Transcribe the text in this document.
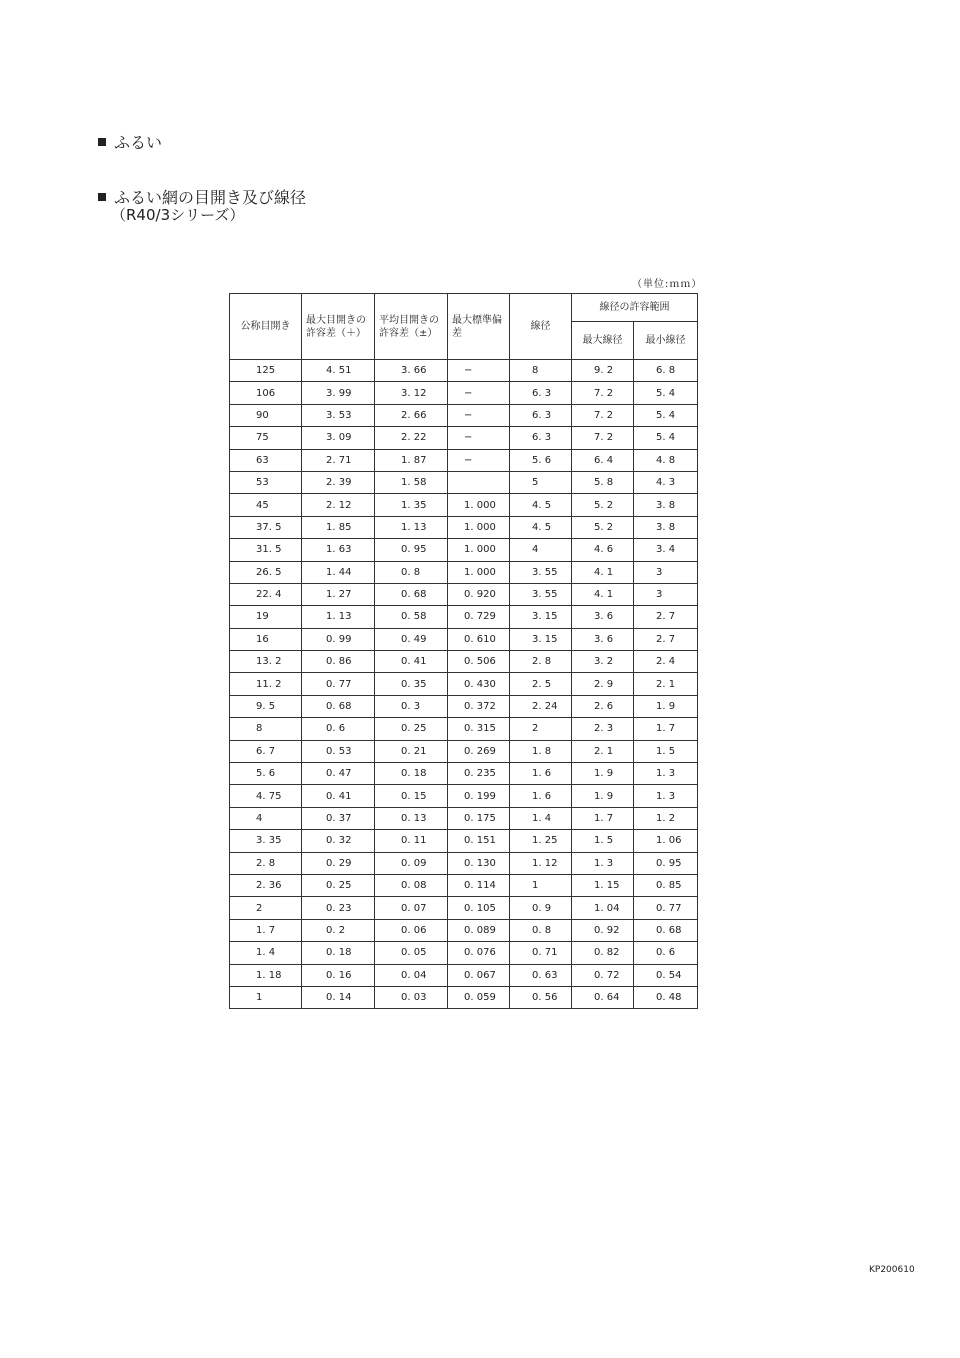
ふるい
ふるい網の目開き及び線径
（R40/3シリーズ）
（単位:ｍｍ）
公称目開き	最大目開きの許容差（＋）	平均目開きの許容差（±）	最大標準偏差	線径	線径の許容範囲	
					最大線径	最小線径
125	4. 51	3. 66	−	8	9. 2	6. 8
106	3. 99	3. 12	−	6. 3	7. 2	5. 4
90	3. 53	2. 66	−	6. 3	7. 2	5. 4
75	3. 09	2. 22	−	6. 3	7. 2	5. 4
63	2. 71	1. 87	−	5. 6	6. 4	4. 8
53	2. 39	1. 58		5	5. 8	4. 3
45	2. 12	1. 35	1. 000	4. 5	5. 2	3. 8
37. 5	1. 85	1. 13	1. 000	4. 5	5. 2	3. 8
31. 5	1. 63	0. 95	1. 000	4	4. 6	3. 4
26. 5	1. 44	0. 8	1. 000	3. 55	4. 1	3
22. 4	1. 27	0. 68	0. 920	3. 55	4. 1	3
19	1. 13	0. 58	0. 729	3. 15	3. 6	2. 7
16	0. 99	0. 49	0. 610	3. 15	3. 6	2. 7
13. 2	0. 86	0. 41	0. 506	2. 8	3. 2	2. 4
11. 2	0. 77	0. 35	0. 430	2. 5	2. 9	2. 1
9. 5	0. 68	0. 3	0. 372	2. 24	2. 6	1. 9
8	0. 6	0. 25	0. 315	2	2. 3	1. 7
6. 7	0. 53	0. 21	0. 269	1. 8	2. 1	1. 5
5. 6	0. 47	0. 18	0. 235	1. 6	1. 9	1. 3
4. 75	0. 41	0. 15	0. 199	1. 6	1. 9	1. 3
4	0. 37	0. 13	0. 175	1. 4	1. 7	1. 2
3. 35	0. 32	0. 11	0. 151	1. 25	1. 5	1. 06
2. 8	0. 29	0. 09	0. 130	1. 12	1. 3	0. 95
2. 36	0. 25	0. 08	0. 114	1	1. 15	0. 85
2	0. 23	0. 07	0. 105	0. 9	1. 04	0. 77
1. 7	0. 2	0. 06	0. 089	0. 8	0. 92	0. 68
1. 4	0. 18	0. 05	0. 076	0. 71	0. 82	0. 6
1. 18	0. 16	0. 04	0. 067	0. 63	0. 72	0. 54
1	0. 14	0. 03	0. 059	0. 56	0. 64	0. 48
KP200610
